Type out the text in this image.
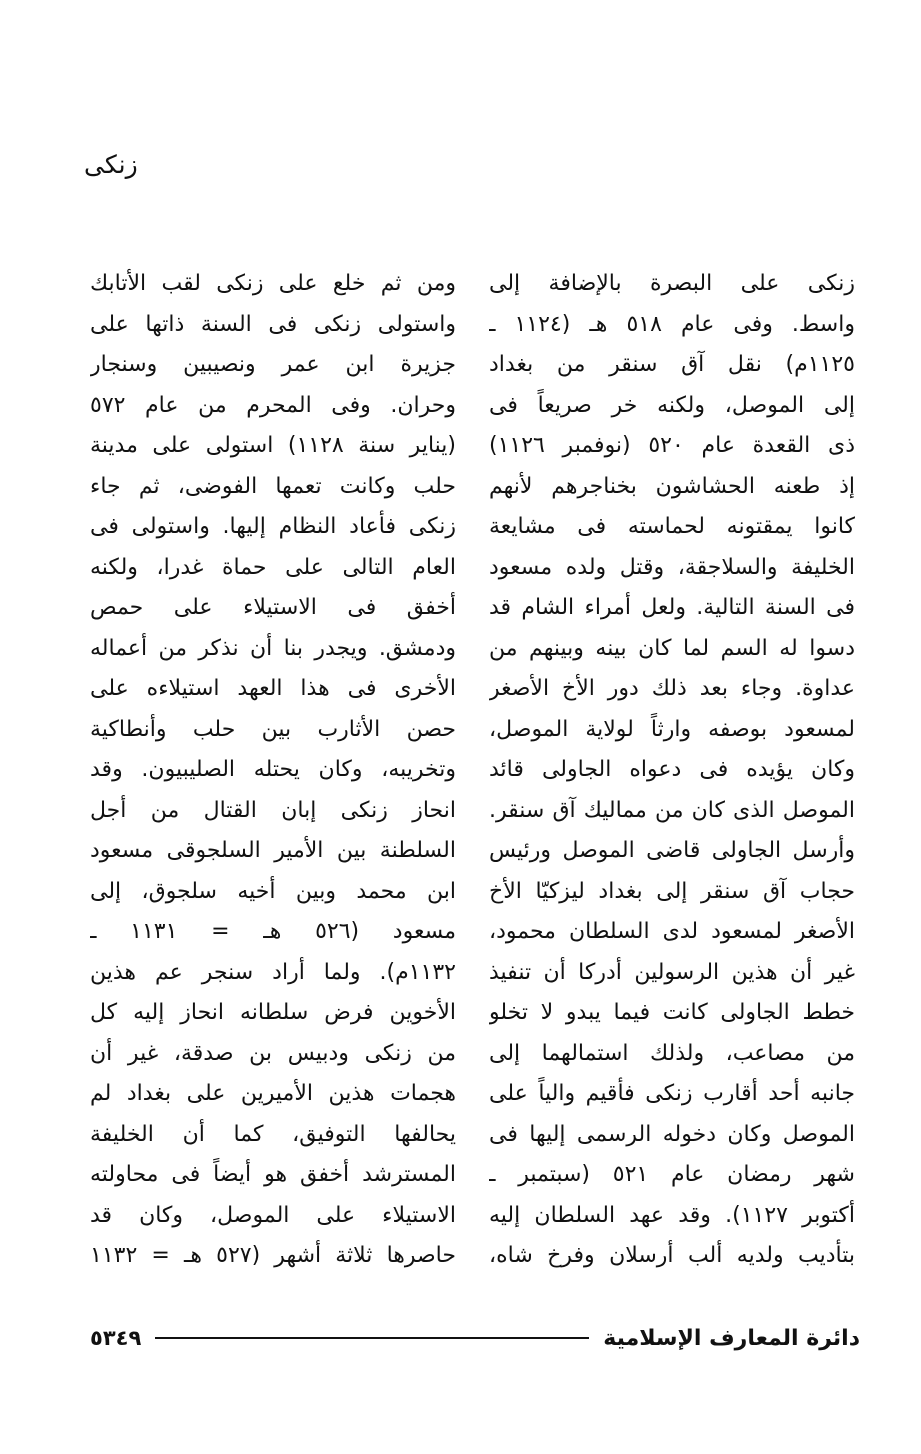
زنكى
زنكى على البصرة بالإضافة إلى
واسط. وفى عام ٥١٨ هـ (١١٢٤ ـ
١١٢٥م) نقل آق سنقر من بغداد
إلى الموصل، ولكنه خر صريعاً فى
ذى القعدة عام ٥٢٠ (نوفمبر ١١٢٦)
إذ طعنه الحشاشون بخناجرهم لأنهم
كانوا يمقتونه لحماسته فى مشايعة
الخليفة والسلاجقة، وقتل ولده مسعود
فى السنة التالية. ولعل أمراء الشام قد
دسوا له السم لما كان بينه وبينهم من
عداوة. وجاء بعد ذلك دور الأخ الأصغر
لمسعود بوصفه وارثاً لولاية الموصل،
وكان يؤيده فى دعواه الجاولى قائد
الموصل الذى كان من مماليك آق سنقر.
وأرسل الجاولى قاضى الموصل ورئيس
حجاب آق سنقر إلى بغداد ليزكيّا الأخ
الأصغر لمسعود لدى السلطان محمود،
غير أن هذين الرسولين أدركا أن تنفيذ
خطط الجاولى كانت فيما يبدو لا تخلو
من مصاعب، ولذلك استمالهما إلى
جانبه أحد أقارب زنكى فأقيم والياً على
الموصل وكان دخوله الرسمى إليها فى
شهر رمضان عام ٥٢١ (سبتمبر ـ
أكتوبر ١١٢٧). وقد عهد السلطان إليه
بتأديب ولديه ألب أرسلان وفرخ شاه،
ومن ثم خلع على زنكى لقب الأتابك
واستولى زنكى فى السنة ذاتها على
جزيرة ابن عمر ونصيبين وسنجار
وحران. وفى المحرم من عام ٥٧٢
(يناير سنة ١١٢٨) استولى على مدينة
حلب وكانت تعمها الفوضى، ثم جاء
زنكى فأعاد النظام إليها. واستولى فى
العام التالى على حماة غدرا، ولكنه
أخفق فى الاستيلاء على حمص
ودمشق. ويجدر بنا أن نذكر من أعماله
الأخرى فى هذا العهد استيلاءه على
حصن الأثارب بين حلب وأنطاكية
وتخريبه، وكان يحتله الصليبيون. وقد
انحاز زنكى إبان القتال من أجل
السلطنة بين الأمير السلجوقى مسعود
ابن محمد وبين أخيه سلجوق، إلى
مسعود (٥٢٦ هـ = ١١٣١ ـ
١١٣٢م). ولما أراد سنجر عم هذين
الأخوين فرض سلطانه انحاز إليه كل
من زنكى ودبيس بن صدقة، غير أن
هجمات هذين الأميرين على بغداد لم
يحالفها التوفيق، كما أن الخليفة
المسترشد أخفق هو أيضاً فى محاولته
الاستيلاء على الموصل، وكان قد
حاصرها ثلاثة أشهر (٥٢٧ هـ = ١١٣٢
دائرة المعارف الإسلامية
٥٣٤٩
